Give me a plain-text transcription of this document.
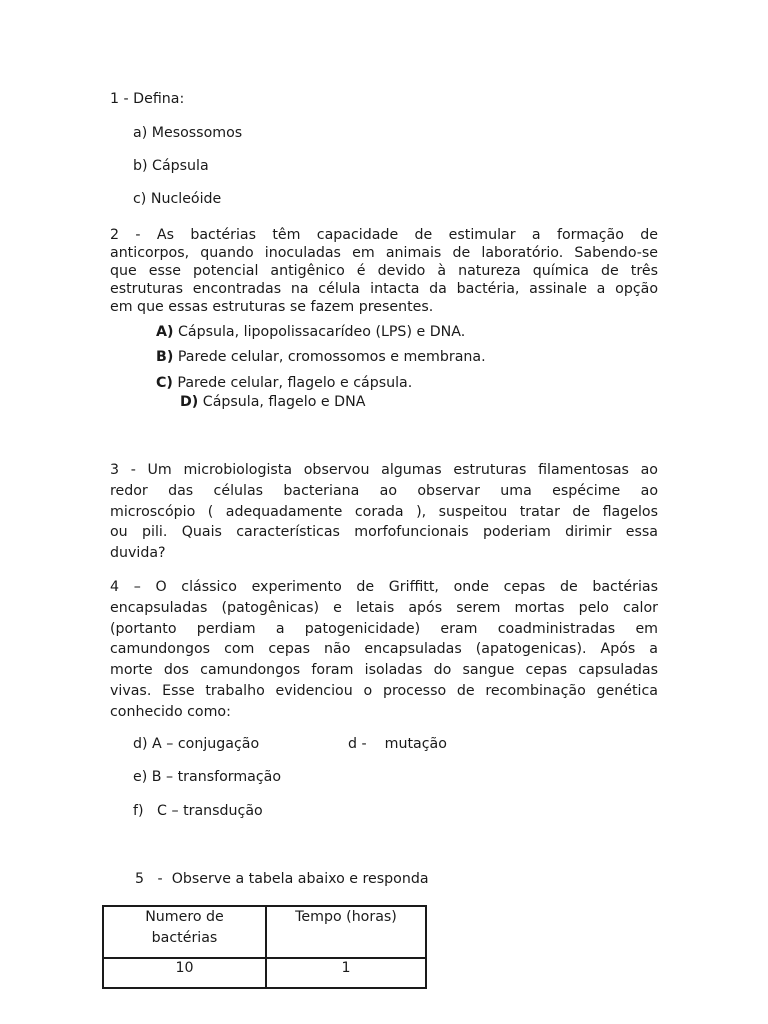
1 - Defina:
a) Mesossomos
b) Cápsula
c) Nucleóide
2 - As bactérias têm capacidade de estimular a formação de
anticorpos, quando inoculadas em animais de laboratório. Sabendo-se
que esse potencial antigênico é devido à natureza química de três
estruturas encontradas na célula intacta da bactéria, assinale a opção
em que essas estruturas se fazem presentes.
A) Cápsula, lipopolissacarídeo (LPS) e DNA.
B) Parede celular, cromossomos e membrana.
C) Parede celular, flagelo e cápsula.
D) Cápsula, flagelo e DNA
3 - Um microbiologista observou algumas estruturas filamentosas ao
redor das células bacteriana ao observar uma espécime ao
microscópio ( adequadamente corada ), suspeitou tratar de flagelos
ou pili. Quais características morfofuncionais poderiam dirimir essa
duvida?
4 – O clássico experimento de Griffitt, onde cepas de bactérias
encapsuladas (patogênicas) e letais após serem mortas pelo calor
(portanto perdiam a patogenicidade) eram coadministradas em
camundongos com cepas não encapsuladas (apatogenicas). Após a
morte dos camundongos foram isoladas do sangue cepas capsuladas
vivas. Esse trabalho evidenciou o processo de recombinação genética
conhecido como:
d) A – conjugação	d -    mutação
e) B – transformação
f)   C – transdução
5   -  Observe a tabela abaixo e responda
Numero de
bactérias	Tempo (horas)
10	1
